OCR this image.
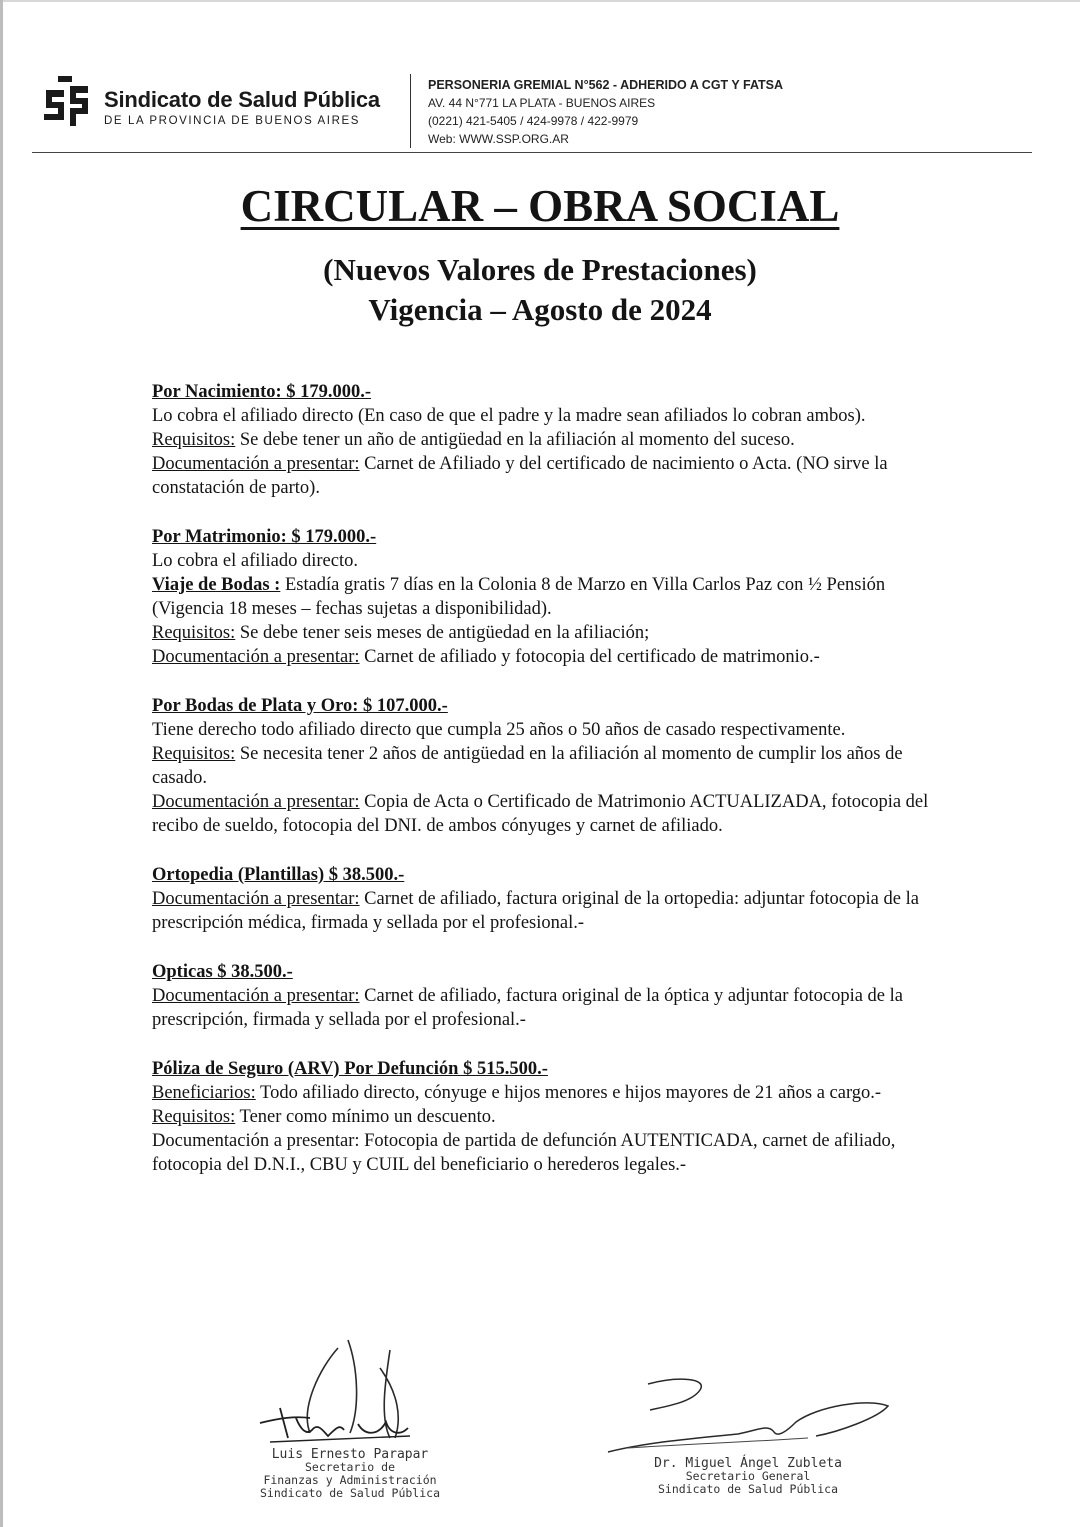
Sindicato de Salud Pública
DE LA PROVINCIA DE BUENOS AIRES
PERSONERIA GREMIAL N°562 - ADHERIDO A CGT Y FATSA
AV. 44 N°771 LA PLATA - BUENOS AIRES
(0221) 421-5405 / 424-9978 / 422-9979
Web: WWW.SSP.ORG.AR
CIRCULAR – OBRA SOCIAL
(Nuevos Valores de Prestaciones)
Vigencia – Agosto de 2024
Por Nacimiento: $ 179.000.-
Lo cobra el afiliado directo (En caso de que el padre y la madre sean afiliados lo cobran ambos).
Requisitos: Se debe tener un año de antigüedad en la afiliación al momento del suceso.
Documentación a presentar: Carnet de Afiliado y del certificado de nacimiento o Acta. (NO sirve la constatación de parto).
Por Matrimonio: $ 179.000.-
Lo cobra el afiliado directo.
Viaje de Bodas : Estadía gratis 7 días en la Colonia 8 de Marzo en Villa Carlos Paz con ½ Pensión (Vigencia 18 meses – fechas sujetas a disponibilidad).
Requisitos: Se debe tener seis meses de antigüedad en la afiliación;
Documentación a presentar: Carnet de afiliado y fotocopia del certificado de matrimonio.-
Por Bodas de Plata y Oro: $ 107.000.-
Tiene derecho todo afiliado directo que cumpla 25 años o 50 años de casado respectivamente.
Requisitos: Se necesita tener 2 años de antigüedad en la afiliación al momento de cumplir los años de casado.
Documentación a presentar: Copia de Acta o Certificado de Matrimonio ACTUALIZADA, fotocopia del recibo de sueldo, fotocopia del DNI. de ambos cónyuges y carnet de afiliado.
Ortopedia (Plantillas) $ 38.500.-
Documentación a presentar: Carnet de afiliado, factura original de la ortopedia: adjuntar fotocopia de la prescripción médica, firmada y sellada por el profesional.-
Opticas $ 38.500.-
Documentación a presentar: Carnet de afiliado, factura original de la óptica y adjuntar fotocopia de la prescripción, firmada y sellada por el profesional.-
Póliza de Seguro (ARV) Por Defunción $ 515.500.-
Beneficiarios: Todo afiliado directo, cónyuge e hijos menores e hijos mayores de 21 años a cargo.-
Requisitos: Tener como mínimo un descuento.
Documentación a presentar: Fotocopia de partida de defunción AUTENTICADA, carnet de afiliado, fotocopia del D.N.I., CBU y CUIL del beneficiario o herederos legales.-
Luis Ernesto Parapar
Secretario de
Finanzas y Administración
Sindicato de Salud Pública
Dr. Miguel Ángel Zubleta
Secretario General
Sindicato de Salud Pública
